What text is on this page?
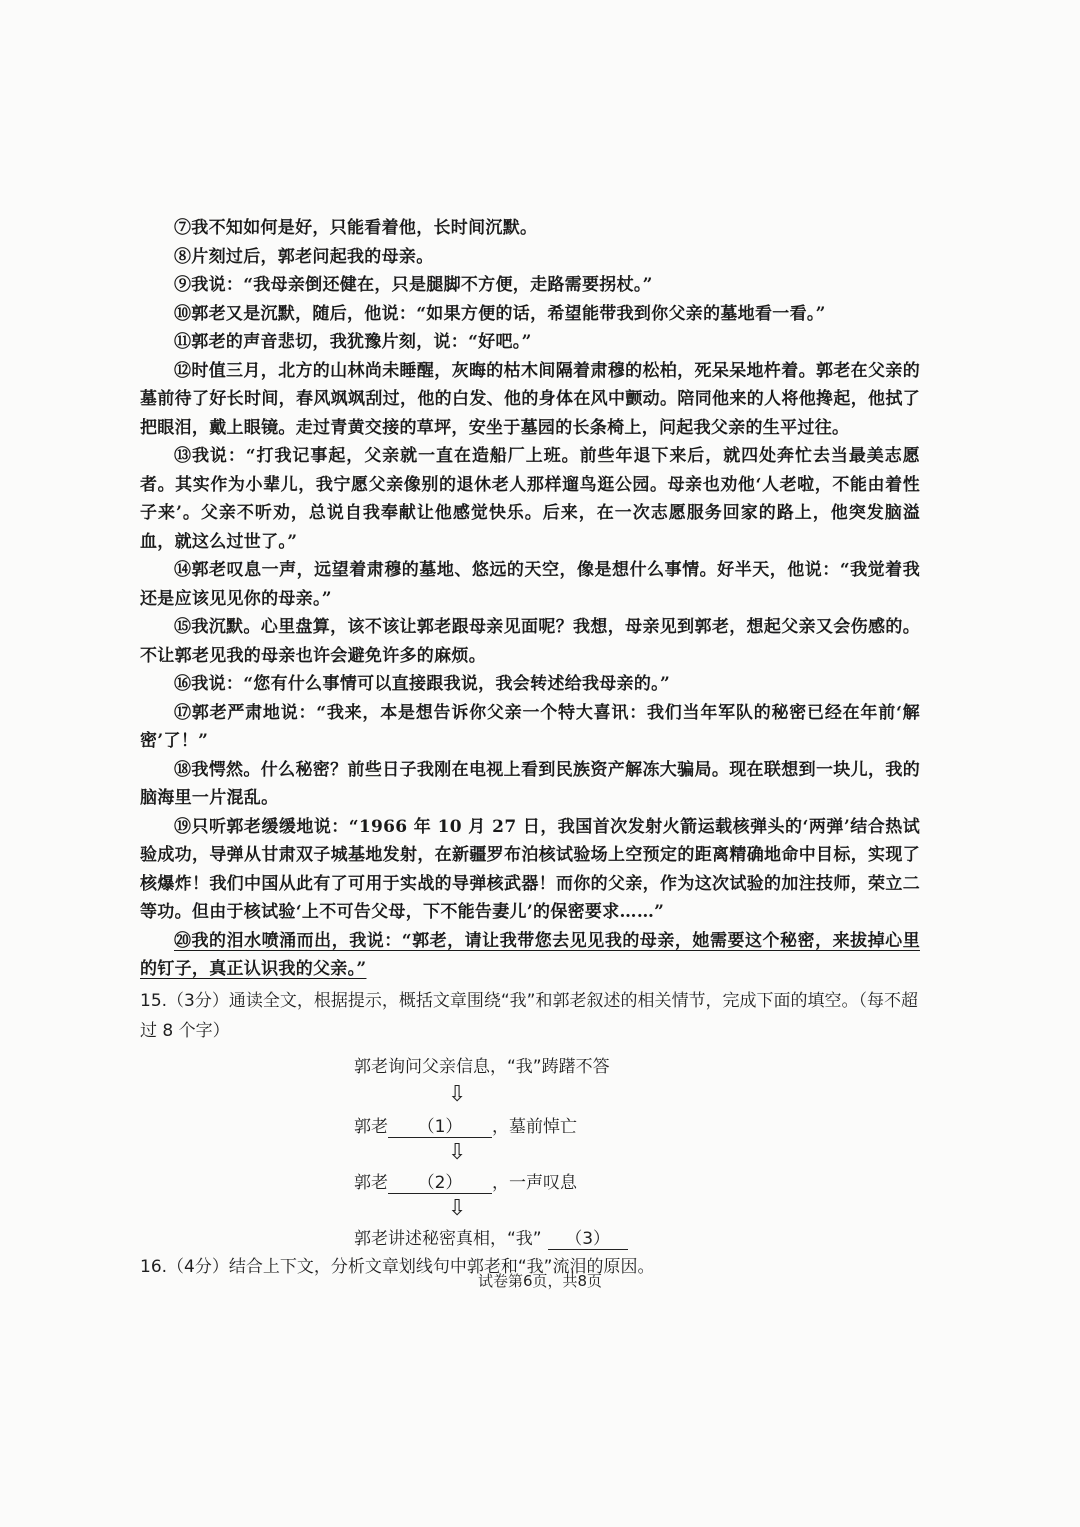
⑦我不知如何是好，只能看着他，长时间沉默。

⑧片刻过后，郭老问起我的母亲。

⑨我说：“我母亲倒还健在，只是腿脚不方便，走路需要拐杖。”

⑩郭老又是沉默，随后，他说：“如果方便的话，希望能带我到你父亲的墓地看一看。”

⑪郭老的声音悲切，我犹豫片刻，说：“好吧。”

⑫时值三月，北方的山林尚未睡醒，灰晦的枯木间隔着肃穆的松柏，死呆呆地杵着。郭老在父亲的墓前待了好长时间，春风飒飒刮过，他的白发、他的身体在风中颤动。陪同他来的人将他搀起，他拭了把眼泪，戴上眼镜。走过青黄交接的草坪，安坐于墓园的长条椅上，问起我父亲的生平过往。

⑬我说：“打我记事起，父亲就一直在造船厂上班。前些年退下来后，就四处奔忙去当最美志愿者。其实作为小辈儿，我宁愿父亲像别的退休老人那样遛鸟逛公园。母亲也劝他‘人老啦，不能由着性子来’。父亲不听劝，总说自我奉献让他感觉快乐。后来，在一次志愿服务回家的路上，他突发脑溢血，就这么过世了。”

⑭郭老叹息一声，远望着肃穆的墓地、悠远的天空，像是想什么事情。好半天，他说：“我觉着我还是应该见见你的母亲。”

⑮我沉默。心里盘算，该不该让郭老跟母亲见面呢？我想，母亲见到郭老，想起父亲又会伤感的。不让郭老见我的母亲也许会避免许多的麻烦。

⑯我说：“您有什么事情可以直接跟我说，我会转述给我母亲的。”

⑰郭老严肃地说：“我来，本是想告诉你父亲一个特大喜讯：我们当年军队的秘密已经在年前‘解密’了！”

⑱我愕然。什么秘密？前些日子我刚在电视上看到民族资产解冻大骗局。现在联想到一块儿，我的脑海里一片混乱。

⑲只听郭老缓缓地说：“1966 年 10 月 27 日，我国首次发射火箭运载核弹头的‘两弹’结合热试验成功，导弹从甘肃双子城基地发射，在新疆罗布泊核试验场上空预定的距离精确地命中目标，实现了核爆炸！我们中国从此有了可用于实战的导弹核武器！而你的父亲，作为这次试验的加注技师，荣立二等功。但由于核试验‘上不可告父母，下不能告妻儿’的保密要求……”

⑳我的泪水喷涌而出，我说：“郭老，请让我带您去见见我的母亲，她需要这个秘密，来拔掉心里的钉子，真正认识我的父亲。”

15.（3分）通读全文，根据提示，概括文章围绕“我”和郭老叙述的相关情节，完成下面的填空。（每不超过 8 个字）

郭老询问父亲信息，“我”踌躇不答
⇩
郭老 （1） ，墓前悼亡
⇩
郭老 （2） ，一声叹息
⇩
郭老讲述秘密真相，“我” （3）

16.（4分）结合上下文，分析文章划线句中郭老和“我”流泪的原因。

试卷第6页，共8页
